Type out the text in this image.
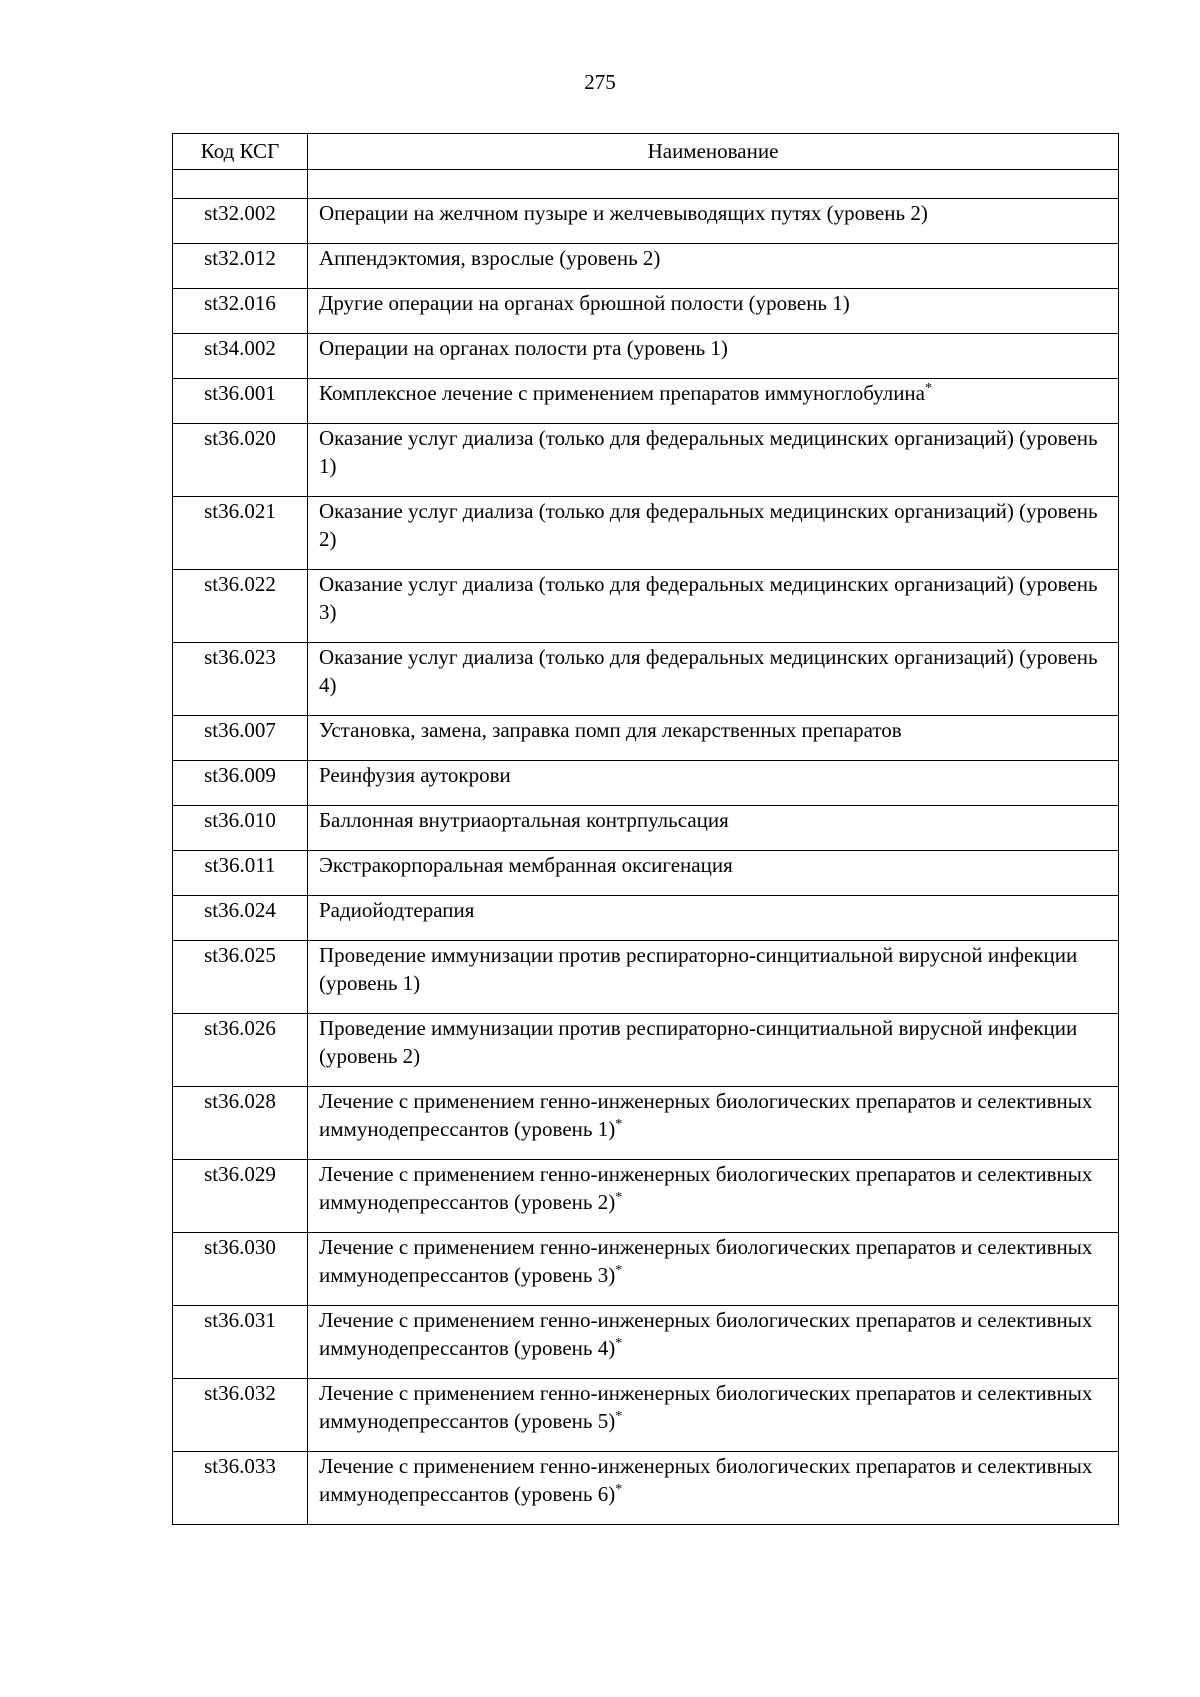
275
Код КСГ	Наименование

st32.002	Операции на желчном пузыре и желчевыводящих путях (уровень 2)
st32.012	Аппендэктомия, взрослые (уровень 2)
st32.016	Другие операции на органах брюшной полости (уровень 1)
st34.002	Операции на органах полости рта (уровень 1)
st36.001	Комплексное лечение с применением препаратов иммуноглобулина*
st36.020	Оказание услуг диализа (только для федеральных медицинских организаций) (уровень 1)
st36.021	Оказание услуг диализа (только для федеральных медицинских организаций) (уровень 2)
st36.022	Оказание услуг диализа (только для федеральных медицинских организаций) (уровень 3)
st36.023	Оказание услуг диализа (только для федеральных медицинских организаций) (уровень 4)
st36.007	Установка, замена, заправка помп для лекарственных препаратов
st36.009	Реинфузия аутокрови
st36.010	Баллонная внутриаортальная контрпульсация
st36.011	Экстракорпоральная мембранная оксигенация
st36.024	Радиойодтерапия
st36.025	Проведение иммунизации против респираторно-синцитиальной вирусной инфекции (уровень 1)
st36.026	Проведение иммунизации против респираторно-синцитиальной вирусной инфекции (уровень 2)
st36.028	Лечение с применением генно-инженерных биологических препаратов и селективных иммунодепрессантов (уровень 1)*
st36.029	Лечение с применением генно-инженерных биологических препаратов и селективных иммунодепрессантов (уровень 2)*
st36.030	Лечение с применением генно-инженерных биологических препаратов и селективных иммунодепрессантов (уровень 3)*
st36.031	Лечение с применением генно-инженерных биологических препаратов и селективных иммунодепрессантов (уровень 4)*
st36.032	Лечение с применением генно-инженерных биологических препаратов и селективных иммунодепрессантов (уровень 5)*
st36.033	Лечение с применением генно-инженерных биологических препаратов и селективных иммунодепрессантов (уровень 6)*
